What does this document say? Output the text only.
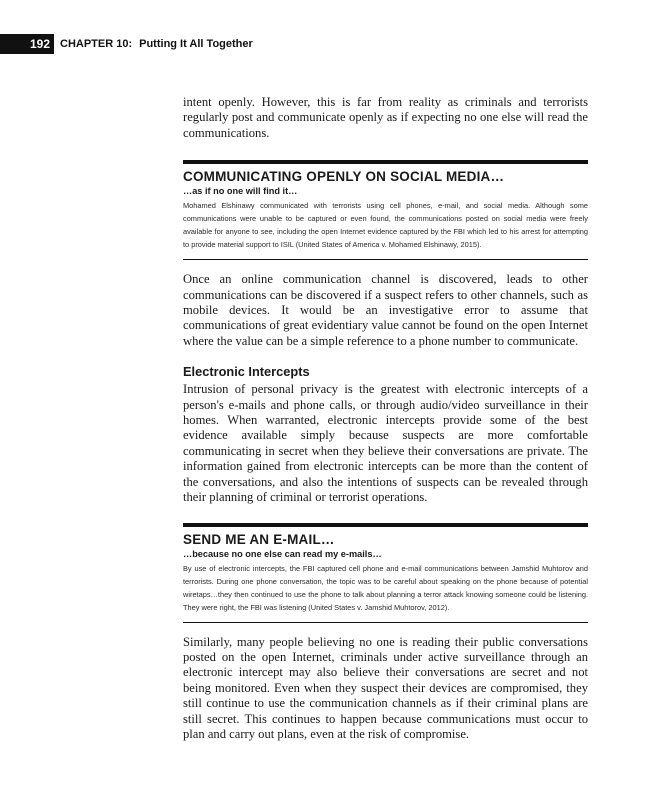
192 CHAPTER 10: Putting It All Together

intent openly. However, this is far from reality as criminals and terrorists regularly post and communicate openly as if expecting no one else will read the communications.

COMMUNICATING OPENLY ON SOCIAL MEDIA…
…as if no one will find it…

Mohamed Elshinawy communicated with terrorists using cell phones, e-mail, and social media. Although some communications were unable to be captured or even found, the communications posted on social media were freely available for anyone to see, including the open Internet evidence captured by the FBI which led to his arrest for attempting to provide material support to ISIL (United States of America v. Mohamed Elshinawy, 2015).

Once an online communication channel is discovered, leads to other communications can be discovered if a suspect refers to other channels, such as mobile devices. It would be an investigative error to assume that communications of great evidentiary value cannot be found on the open Internet where the value can be a simple reference to a phone number to communicate.

Electronic Intercepts

Intrusion of personal privacy is the greatest with electronic intercepts of a person's e-mails and phone calls, or through audio/video surveillance in their homes. When warranted, electronic intercepts provide some of the best evidence available simply because suspects are more comfortable communicating in secret when they believe their conversations are private. The information gained from electronic intercepts can be more than the content of the conversations, and also the intentions of suspects can be revealed through their planning of criminal or terrorist operations.

SEND ME AN E-MAIL…
…because no one else can read my e-mails…

By use of electronic intercepts, the FBI captured cell phone and e-mail communications between Jamshid Muhtorov and terrorists. During one phone conversation, the topic was to be careful about speaking on the phone because of potential wiretaps…they then continued to use the phone to talk about planning a terror attack knowing someone could be listening. They were right, the FBI was listening (United States v. Jamshid Muhtorov, 2012).

Similarly, many people believing no one is reading their public conversations posted on the open Internet, criminals under active surveillance through an electronic intercept may also believe their conversations are secret and not being monitored. Even when they suspect their devices are compromised, they still continue to use the communication channels as if their criminal plans are still secret. This continues to happen because communications must occur to plan and carry out plans, even at the risk of compromise.
